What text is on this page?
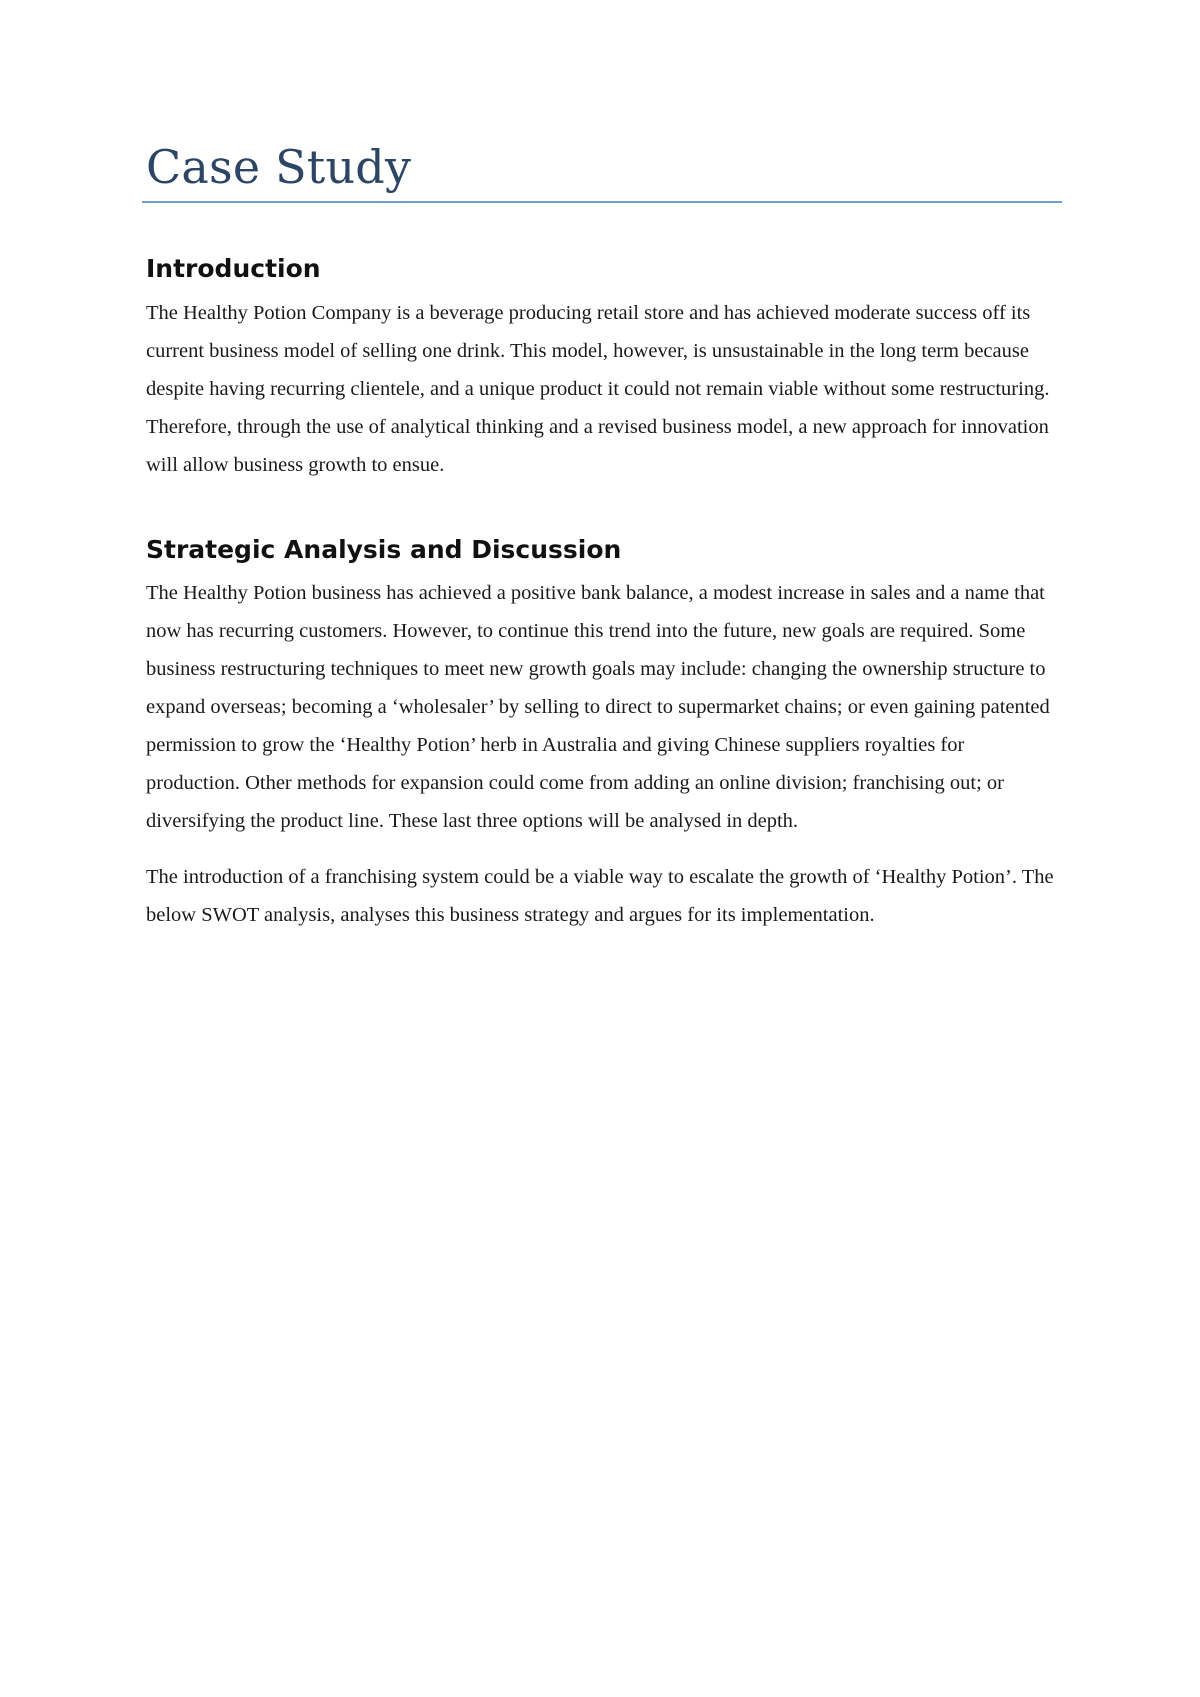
Case Study
Introduction

The Healthy Potion Company is a beverage producing retail store and has achieved moderate success off its current business model of selling one drink. This model, however, is unsustainable in the long term because despite having recurring clientele, and a unique product it could not remain viable without some restructuring. Therefore, through the use of analytical thinking and a revised business model, a new approach for innovation will allow business growth to ensue.

Strategic Analysis and Discussion

The Healthy Potion business has achieved a positive bank balance, a modest increase in sales and a name that now has recurring customers. However, to continue this trend into the future, new goals are required. Some business restructuring techniques to meet new growth goals may include: changing the ownership structure to expand overseas; becoming a ‘wholesaler’ by selling to direct to supermarket chains; or even gaining patented permission to grow the ‘Healthy Potion’ herb in Australia and giving Chinese suppliers royalties for production. Other methods for expansion could come from adding an online division; franchising out; or diversifying the product line. These last three options will be analysed in depth.

The introduction of a franchising system could be a viable way to escalate the growth of ‘Healthy Potion’. The below SWOT analysis, analyses this business strategy and argues for its implementation.
